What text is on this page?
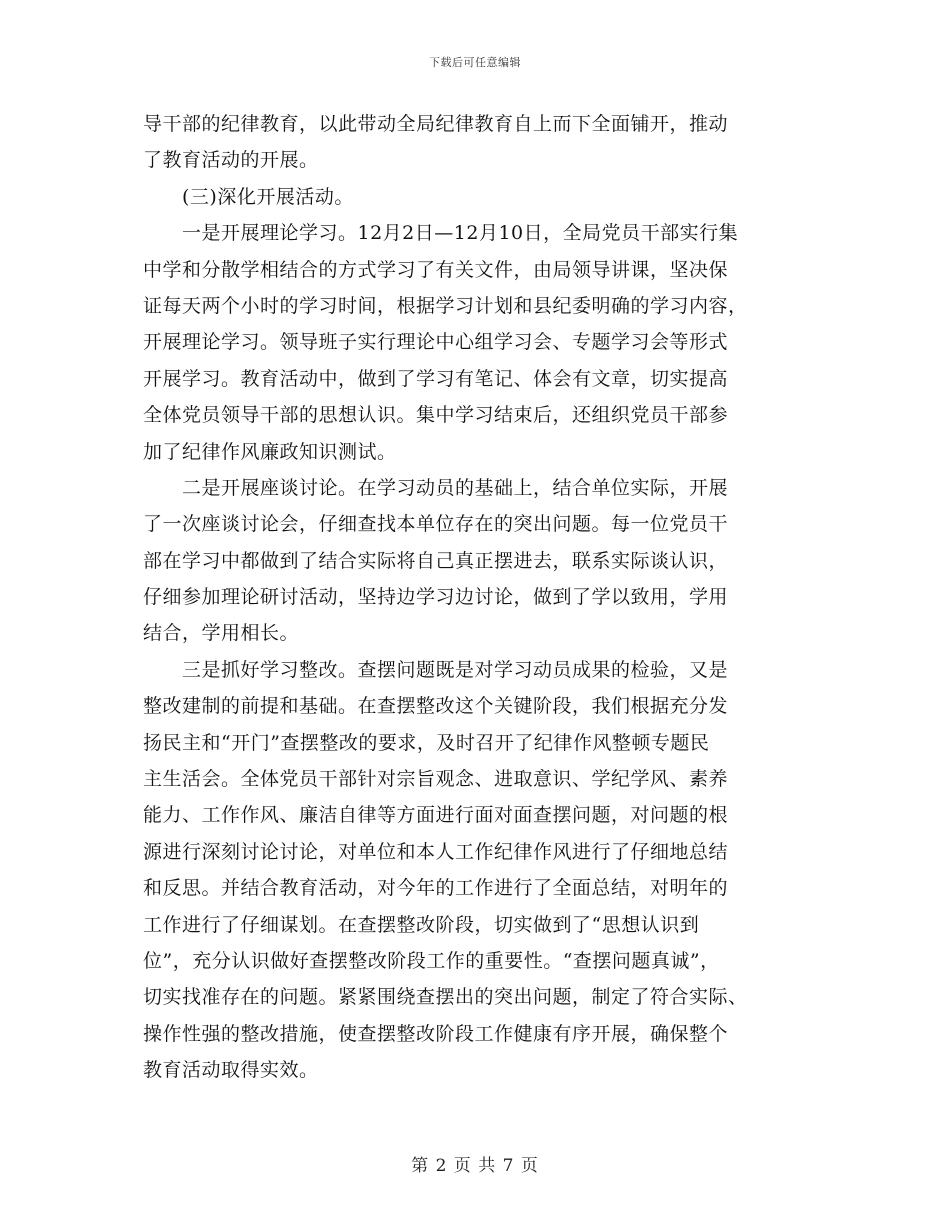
下载后可任意编辑
导干部的纪律教育，以此带动全局纪律教育自上而下全面铺开，推动
了教育活动的开展。
　　(三)深化开展活动。
　　一是开展理论学习。12月2日—12月10日，全局党员干部实行集
中学和分散学相结合的方式学习了有关文件，由局领导讲课，坚决保
证每天两个小时的学习时间，根据学习计划和县纪委明确的学习内容，
开展理论学习。领导班子实行理论中心组学习会、专题学习会等形式
开展学习。教育活动中，做到了学习有笔记、体会有文章，切实提高
全体党员领导干部的思想认识。集中学习结束后，还组织党员干部参
加了纪律作风廉政知识测试。
　　二是开展座谈讨论。在学习动员的基础上，结合单位实际，开展
了一次座谈讨论会，仔细查找本单位存在的突出问题。每一位党员干
部在学习中都做到了结合实际将自己真正摆进去，联系实际谈认识，
仔细参加理论研讨活动，坚持边学习边讨论，做到了学以致用，学用
结合，学用相长。
　　三是抓好学习整改。查摆问题既是对学习动员成果的检验，又是
整改建制的前提和基础。在查摆整改这个关键阶段，我们根据充分发
扬民主和“开门”查摆整改的要求，及时召开了纪律作风整顿专题民
主生活会。全体党员干部针对宗旨观念、进取意识、学纪学风、素养
能力、工作作风、廉洁自律等方面进行面对面查摆问题，对问题的根
源进行深刻讨论讨论，对单位和本人工作纪律作风进行了仔细地总结
和反思。并结合教育活动，对今年的工作进行了全面总结，对明年的
工作进行了仔细谋划。在查摆整改阶段，切实做到了“思想认识到
位”，充分认识做好查摆整改阶段工作的重要性。“查摆问题真诚”，
切实找准存在的问题。紧紧围绕查摆出的突出问题，制定了符合实际、
操作性强的整改措施，使查摆整改阶段工作健康有序开展，确保整个
教育活动取得实效。
第 2 页 共 7 页
